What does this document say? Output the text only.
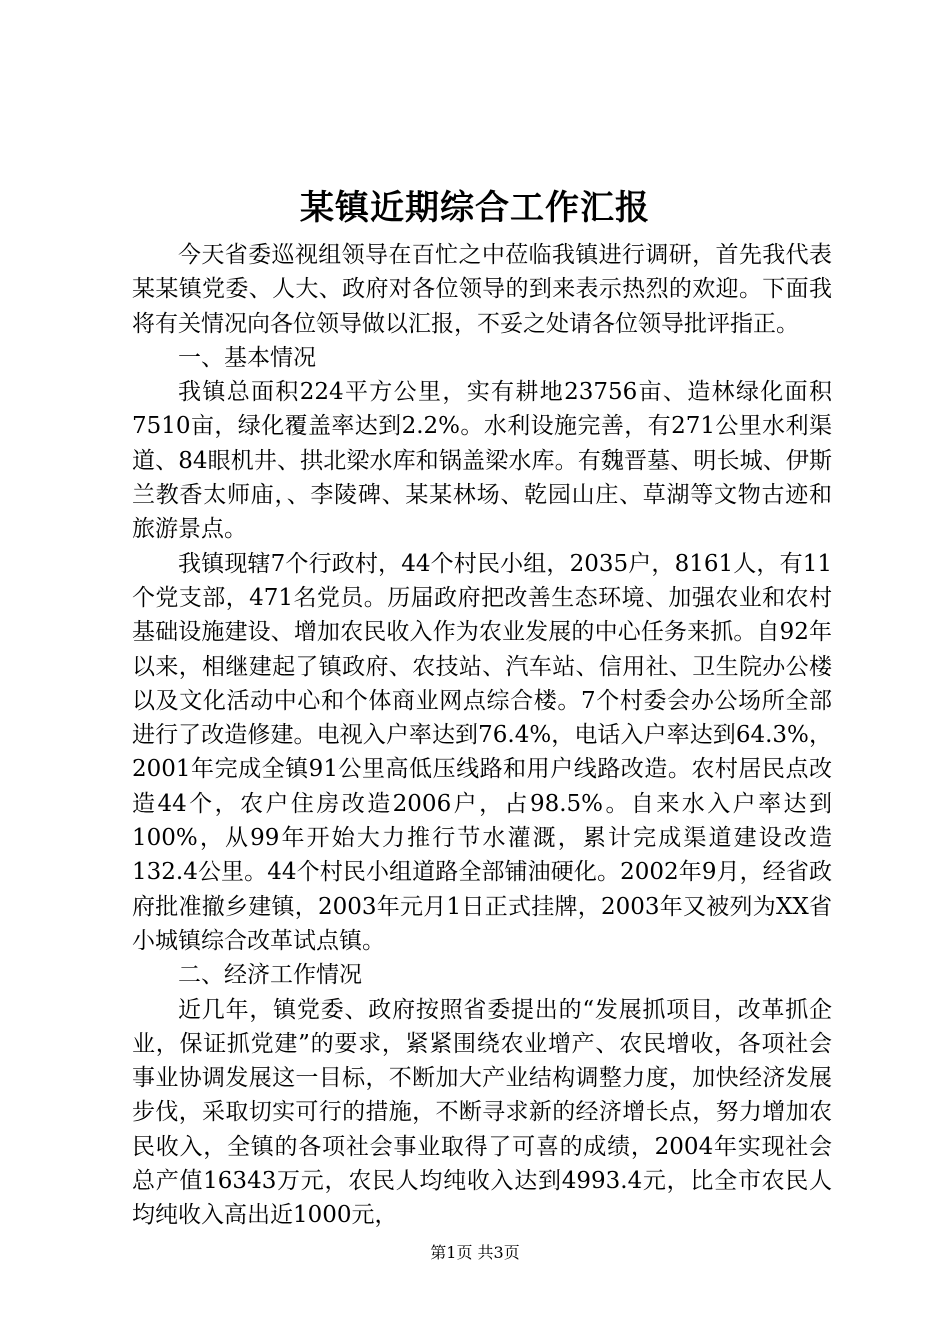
某镇近期综合工作汇报

今天省委巡视组领导在百忙之中莅临我镇进行调研，首先我代表某某镇党委、人大、政府对各位领导的到来表示热烈的欢迎。下面我将有关情况向各位领导做以汇报，不妥之处请各位领导批评指正。

一、基本情况

我镇总面积224平方公里，实有耕地23756亩、造林绿化面积7510亩，绿化覆盖率达到2.2%。水利设施完善，有271公里水利渠道、84眼机井、拱北梁水库和锅盖梁水库。有魏晋墓、明长城、伊斯兰教香太师庙，、李陵碑、某某林场、乾园山庄、草湖等文物古迹和旅游景点。

我镇现辖7个行政村，44个村民小组，2035户，8161人，有11个党支部，471名党员。历届政府把改善生态环境、加强农业和农村基础设施建设、增加农民收入作为农业发展的中心任务来抓。自92年以来，相继建起了镇政府、农技站、汽车站、信用社、卫生院办公楼以及文化活动中心和个体商业网点综合楼。7个村委会办公场所全部进行了改造修建。电视入户率达到76.4%，电话入户率达到64.3%，2001年完成全镇91公里高低压线路和用户线路改造。农村居民点改造44个，农户住房改造2006户，占98.5%。自来水入户率达到100%，从99年开始大力推行节水灌溉，累计完成渠道建设改造132.4公里。44个村民小组道路全部铺油硬化。2002年9月，经省政府批准撤乡建镇，2003年元月1日正式挂牌，2003年又被列为XX省小城镇综合改革试点镇。

二、经济工作情况

近几年，镇党委、政府按照省委提出的“发展抓项目，改革抓企业，保证抓党建”的要求，紧紧围绕农业增产、农民增收，各项社会事业协调发展这一目标，不断加大产业结构调整力度，加快经济发展步伐，采取切实可行的措施，不断寻求新的经济增长点，努力增加农民收入，全镇的各项社会事业取得了可喜的成绩，2004年实现社会总产值16343万元，农民人均纯收入达到4993.4元，比全市农民人均纯收入高出近1000元，

第1页 共3页
